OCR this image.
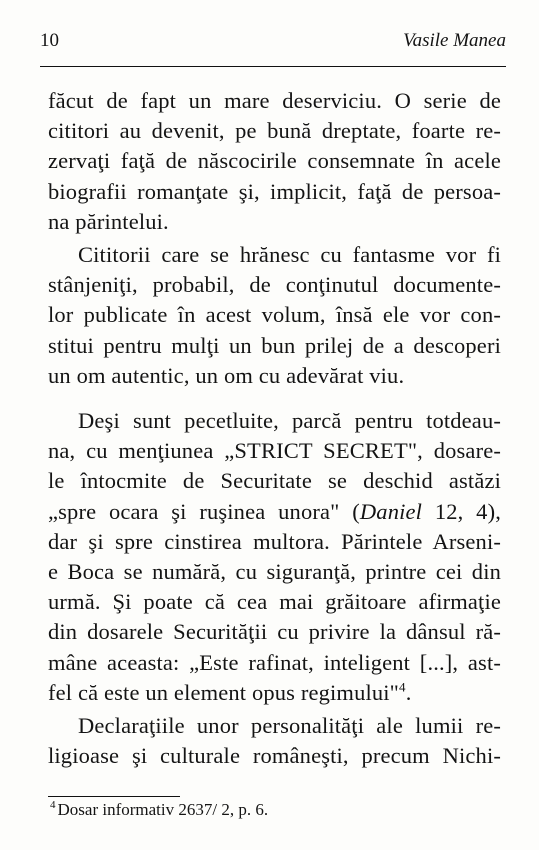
10	Vasile Manea

făcut de fapt un mare deserviciu. O serie de
cititori au devenit, pe bună dreptate, foarte re-
zervaţi faţă de născocirile consemnate în acele
biografii romanţate şi, implicit, faţă de persoa-
na părintelui.

Cititorii care se hrănesc cu fantasme vor fi
stânjeniţi, probabil, de conţinutul documente-
lor publicate în acest volum, însă ele vor con-
stitui pentru mulţi un bun prilej de a descoperi
un om autentic, un om cu adevărat viu.

Deşi sunt pecetluite, parcă pentru totdeau-
na, cu menţiunea „STRICT SECRET", dosare-
le întocmite de Securitate se deschid astăzi
„spre ocara şi ruşinea unora" (Daniel 12, 4),
dar şi spre cinstirea multora. Părintele Arseni-
e Boca se numără, cu siguranţă, printre cei din
urmă. Şi poate că cea mai grăitoare afirmaţie
din dosarele Securităţii cu privire la dânsul ră-
mâne aceasta: „Este rafinat, inteligent [...], ast-
fel că este un element opus regimului"$^4$.

Declaraţiile unor personalităţi ale lumii re-
ligioase şi culturale româneşti, precum Nichi-

$^4$ Dosar informativ 2637/ 2, p. 6.
